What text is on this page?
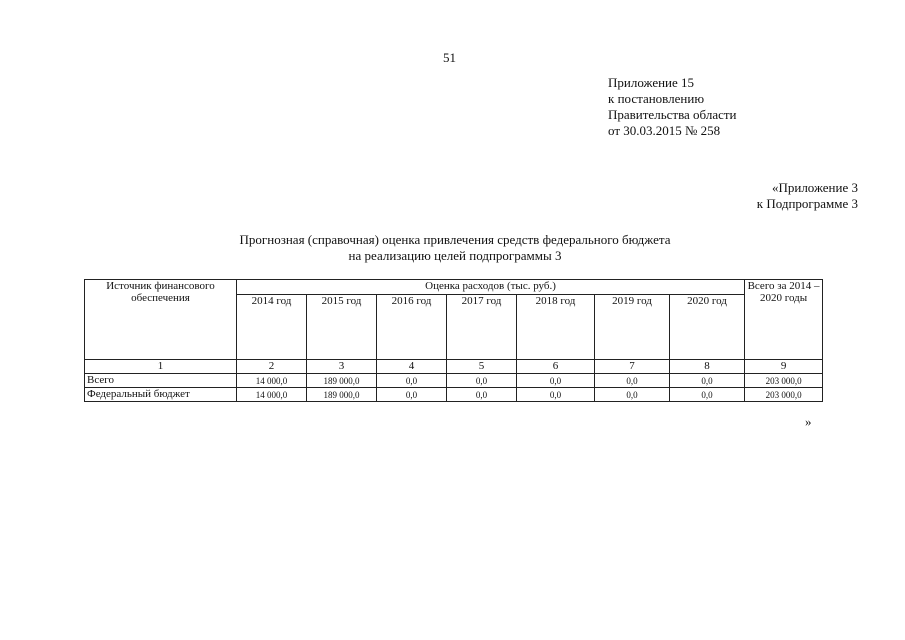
51
Приложение 15
к постановлению
Правительства области
от 30.03.2015 № 258
«Приложение 3
к Подпрограмме 3
Прогнозная (справочная) оценка привлечения средств федерального бюджета
на реализацию целей подпрограммы 3
Источник финансового обеспечения	Оценка расходов (тыс. руб.)							Всего за 2014 – 2020 годы
	2014 год	2015 год	2016 год	2017 год	2018 год	2019 год	2020 год	
1	2	3	4	5	6	7	8	9
Всего	14 000,0	189 000,0	0,0	0,0	0,0	0,0	0,0	203 000,0
Федеральный бюджет	14 000,0	189 000,0	0,0	0,0	0,0	0,0	0,0	203 000,0
»
